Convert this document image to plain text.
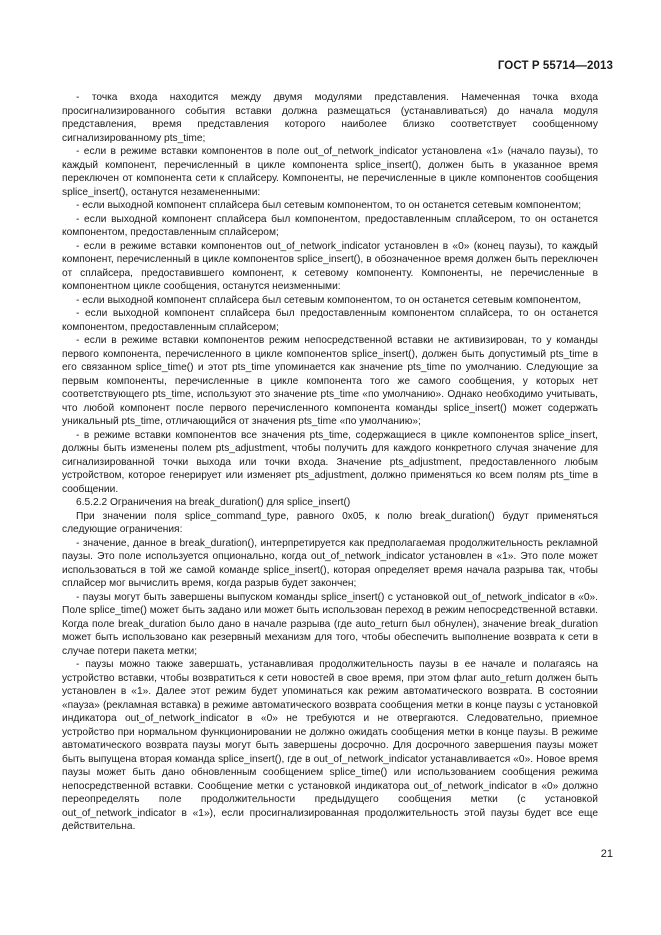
ГОСТ Р 55714—2013

- точка входа находится между двумя модулями представления. Намеченная точка входа просигнализированного события вставки должна размещаться (устанавливаться) до начала модуля представления, время представления которого наиболее близко соответствует сообщенному сигнализированному pts_time;

- если в режиме вставки компонентов в поле out_of_network_indicator установлена «1» (начало паузы), то каждый компонент, перечисленный в цикле компонента splice_insert(), должен быть в указанное время переключен от компонента сети к сплайсеру. Компоненты, не перечисленные в цикле компонентов сообщения splice_insert(), останутся незамененными:

- если выходной компонент сплайсера был сетевым компонентом, то он останется сетевым компонентом;

- если выходной компонент сплайсера был компонентом, предоставленным сплайсером, то он останется компонентом, предоставленным сплайсером;

- если в режиме вставки компонентов out_of_network_indicator установлен в «0» (конец паузы), то каждый компонент, перечисленный в цикле компонентов splice_insert(), в обозначенное время должен быть переключен от сплайсера, предоставившего компонент, к сетевому компоненту. Компоненты, не перечисленные в компонентном цикле сообщения, останутся неизменными:

- если выходной компонент сплайсера был сетевым компонентом, то он останется сетевым компонентом,

- если выходной компонент сплайсера был предоставленным компонентом сплайсера, то он останется компонентом, предоставленным сплайсером;

- если в режиме вставки компонентов режим непосредственной вставки не активизирован, то у команды первого компонента, перечисленного в цикле компонентов splice_insert(), должен быть допустимый pts_time в его связанном splice_time() и этот pts_time упоминается как значение pts_time по умолчанию. Следующие за первым компоненты, перечисленные в цикле компонента того же самого сообщения, у которых нет соответствующего pts_time, используют это значение pts_time «по умолчанию». Однако необходимо учитывать, что любой компонент после первого перечисленного компонента команды splice_insert() может содержать уникальный pts_time, отличающийся от значения pts_time «по умолчанию»;

- в режиме вставки компонентов все значения pts_time, содержащиеся в цикле компонентов splice_insert, должны быть изменены полем pts_adjustment, чтобы получить для каждого конкретного случая значение для сигнализированной точки выхода или точки входа. Значение pts_adjustment, предоставленного любым устройством, которое генерирует или изменяет pts_adjustment, должно применяться ко всем полям pts_time в сообщении.

6.5.2.2 Ограничения на break_duration() для splice_insert()

При значении поля splice_command_type, равного 0x05, к полю break_duration() будут применяться следующие ограничения:

- значение, данное в break_duration(), интерпретируется как предполагаемая продолжительность рекламной паузы. Это поле используется опционально, когда out_of_network_indicator установлен в «1». Это поле может использоваться в той же самой команде splice_insert(), которая определяет время начала разрыва так, чтобы сплайсер мог вычислить время, когда разрыв будет закончен;

- паузы могут быть завершены выпуском команды splice_insert() с установкой out_of_network_indicator в «0». Поле splice_time() может быть задано или может быть использован переход в режим непосредственной вставки. Когда поле break_duration было дано в начале разрыва (где auto_return был обнулен), значение break_duration может быть использовано как резервный механизм для того, чтобы обеспечить выполнение возврата к сети в случае потери пакета метки;

- паузы можно также завершать, устанавливая продолжительность паузы в ее начале и полагаясь на устройство вставки, чтобы возвратиться к сети новостей в свое время, при этом флаг auto_return должен быть установлен в «1». Далее этот режим будет упоминаться как режим автоматического возврата. В состоянии «пауза» (рекламная вставка) в режиме автоматического возврата сообщения метки в конце паузы с установкой индикатора out_of_network_indicator в «0» не требуются и не отвергаются. Следовательно, приемное устройство при нормальном функционировании не должно ожидать сообщения метки в конце паузы. В режиме автоматического возврата паузы могут быть завершены досрочно. Для досрочного завершения паузы может быть выпущена вторая команда splice_insert(), где в out_of_network_indicator устанавливается «0». Новое время паузы может быть дано обновленным сообщением splice_time() или использованием сообщения режима непосредственной вставки. Сообщение метки с установкой индикатора out_of_network_indicator в «0» должно переопределять поле продолжительности предыдущего сообщения метки (с установкой out_of_network_indicator в «1»), если просигнализированная продолжительность этой паузы будет все еще действительна.

21
